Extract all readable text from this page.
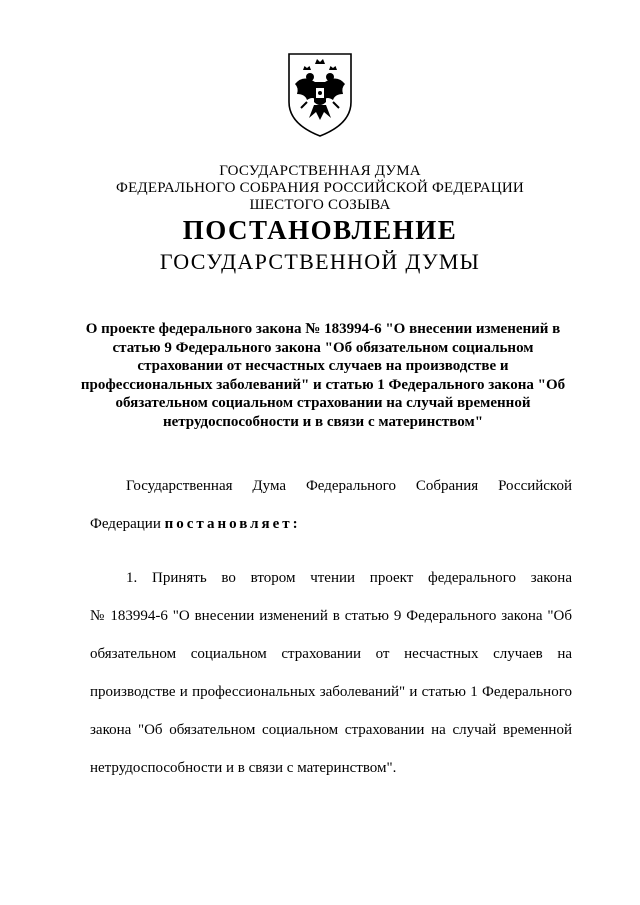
ГОСУДАРСТВЕННАЯ ДУМА
ФЕДЕРАЛЬНОГО СОБРАНИЯ РОССИЙСКОЙ ФЕДЕРАЦИИ
ШЕСТОГО СОЗЫВА
ПОСТАНОВЛЕНИЕ
ГОСУДАРСТВЕННОЙ ДУМЫ
О проекте федерального закона № 183994-6 "О внесении изменений в
статью 9 Федерального закона "Об обязательном социальном
страховании от несчастных случаев на производстве и
профессиональных заболеваний" и статью 1 Федерального закона "Об
обязательном социальном страховании на случай временной
нетрудоспособности и в связи с материнством"
Государственная Дума Федерального Собрания Российской
Федерации постановляет:
1. Принять во втором чтении проект федерального закона
№ 183994-6 "О внесении изменений в статью 9 Федерального закона "Об
обязательном социальном страховании от несчастных случаев на
производстве и профессиональных заболеваний" и статью 1 Федерального
закона "Об обязательном социальном страховании на случай временной
нетрудоспособности и в связи с материнством".
